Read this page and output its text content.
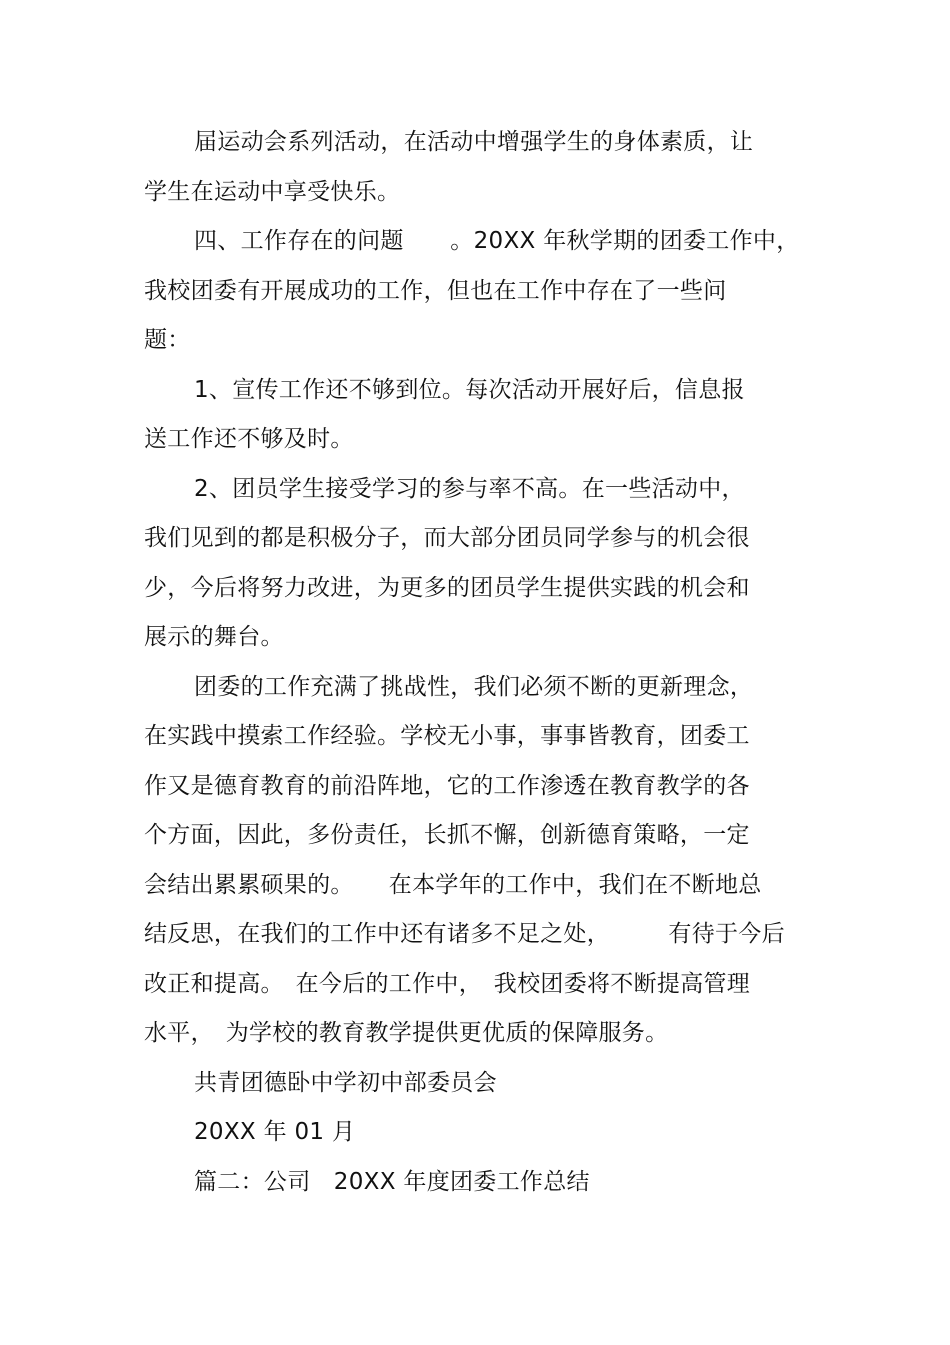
届运动会系列活动，在活动中增强学生的身体素质，让

学生在运动中享受快乐。

四、工作存在的问题　　。20XX 年秋学期的团委工作中，

我校团委有开展成功的工作，但也在工作中存在了一些问

题：

1、宣传工作还不够到位。每次活动开展好后，信息报

送工作还不够及时。

2、团员学生接受学习的参与率不高。在一些活动中，

我们见到的都是积极分子，而大部分团员同学参与的机会很

少，今后将努力改进，为更多的团员学生提供实践的机会和

展示的舞台。

团委的工作充满了挑战性，我们必须不断的更新理念，

在实践中摸索工作经验。学校无小事，事事皆教育，团委工

作又是德育教育的前沿阵地，它的工作渗透在教育教学的各

个方面，因此，多份责任，长抓不懈，创新德育策略，一定

会结出累累硕果的。　　在本学年的工作中，我们在不断地总

结反思，在我们的工作中还有诸多不足之处，　　　有待于今后

改正和提高。　在今后的工作中，　我校团委将不断提高管理

水平，　为学校的教育教学提供更优质的保障服务。

共青团德卧中学初中部委员会

20XX 年 01 月

篇二：公司　20XX 年度团委工作总结
